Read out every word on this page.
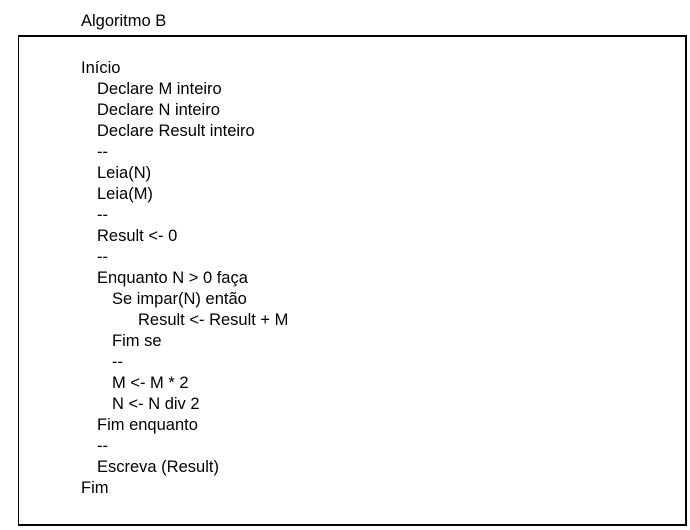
Algoritmo B
Início
Declare M inteiro
Declare N inteiro
Declare Result inteiro
--
Leia(N)
Leia(M)
--
Result <- 0
--
Enquanto N > 0 faça
Se impar(N) então
Result <- Result + M
Fim se
--
M <- M * 2
N <- N div 2
Fim enquanto
--
Escreva (Result)
Fim
